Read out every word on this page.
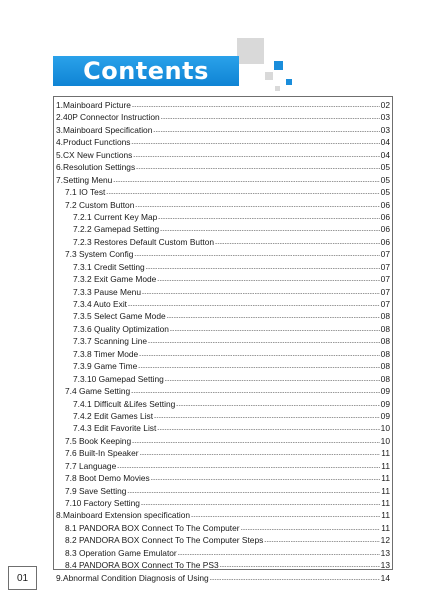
Contents
1.Mainboard Picture -----	02
2.40P Connector Instruction -----	03
3.Mainboard Specification -----	03
4.Product Functions -----	04
5.CX New Functions -----	04
6.Resolution Settings -----	05
7.Setting Menu -----	05
7.1 IO Test -----	05
7.2 Custom Button -----	06
7.2.1 Current Key Map -----	06
7.2.2 Gamepad Setting -----	06
7.2.3 Restores Default Custom Button -----	06
7.3 System Config -----	07
7.3.1 Credit Setting -----	07
7.3.2 Exit Game Mode -----	07
7.3.3 Pause Menu -----	07
7.3.4 Auto Exit -----	07
7.3.5 Select Game Mode -----	08
7.3.6 Quality Optimization -----	08
7.3.7 Scanning Line -----	08
7.3.8 Timer Mode -----	08
7.3.9 Game Time -----	08
7.3.10 Gamepad Setting -----	08
7.4 Game Setting -----	09
7.4.1 Difficult &Lifes Setting -----	09
7.4.2 Edit Games List -----	09
7.4.3 Edit Favorite List -----	10
7.5 Book Keeping -----	10
7.6 Built-In Speaker -----	11
7.7 Language -----	11
7.8 Boot Demo Movies -----	11
7.9 Save Setting -----	11
7.10 Factory Setting -----	11
8.Mainboard Extension specification -----	11
8.1 PANDORA BOX Connect To The Computer -----	11
8.2 PANDORA BOX Connect To The Computer Steps -----	12
8.3 Operation Game Emulator -----	13
8.4 PANDORA BOX Connect To The PS3 -----	13
9.Abnormal Condition Diagnosis of Using -----	14
01
